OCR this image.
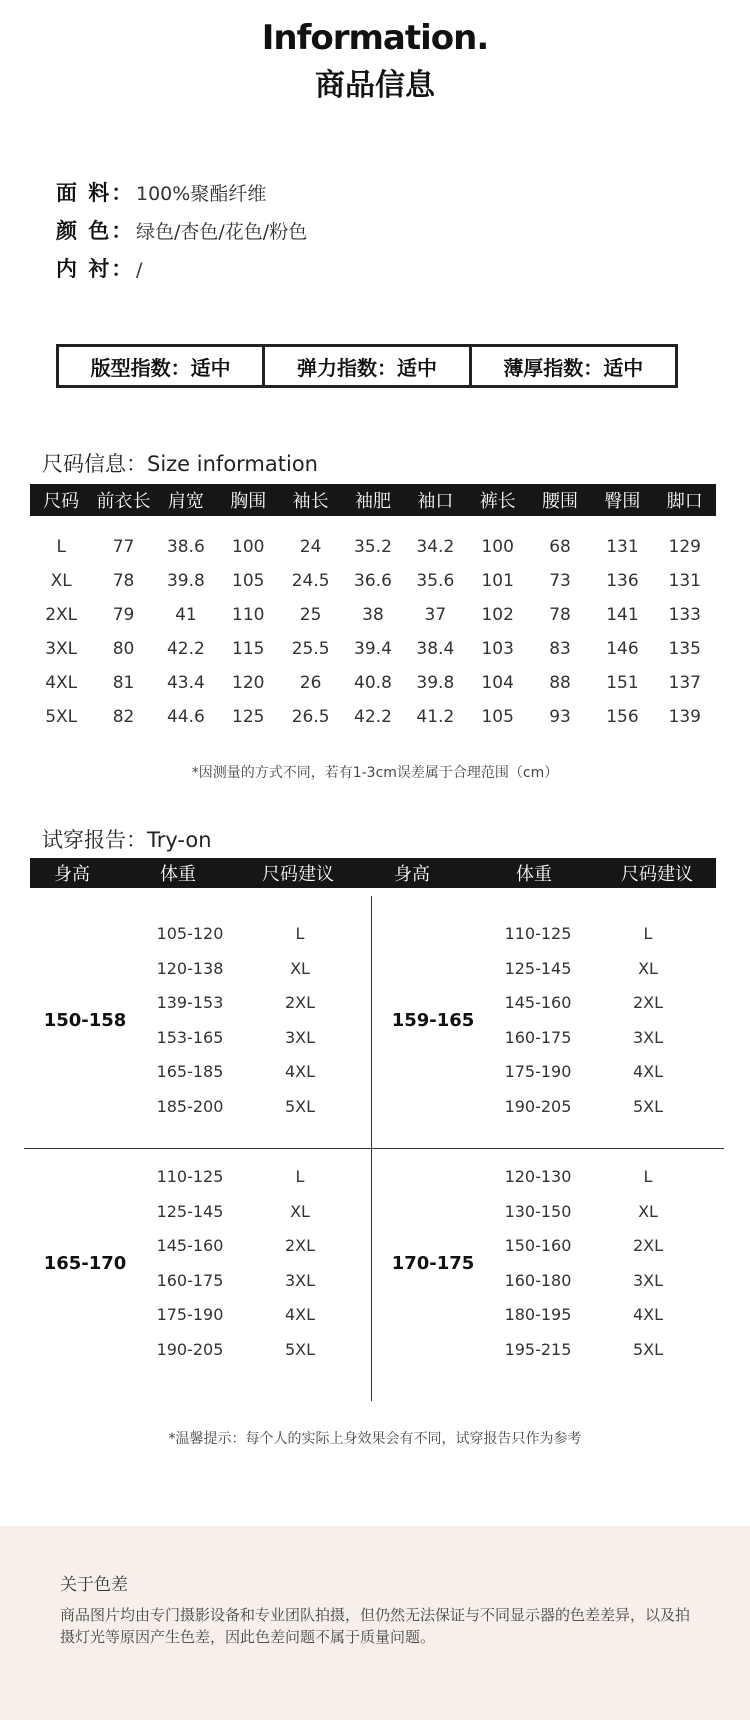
Information.
商品信息
面 料：100%聚酯纤维
颜 色：绿色/杏色/花色/粉色
内 衬：/
版型指数： 适中	弹力指数： 适中	薄厚指数： 适中
尺码信息：Size information
尺码 前衣长 肩宽	胸围	袖长	袖肥	袖口	裤长	腰围	臀围	脚口
L	77	38.6	100	24	35.2	34.2	100	68	131	129
XL	78	39.8	105	24.5	36.6	35.6	101	73	136	131
2XL	79	41	110	25	38	37	102	78	141	133
3XL	80	42.2	115	25.5	39.4	38.4	103	83	146	135
4XL	81	43.4	120	26	40.8	39.8	104	88	151	137
5XL	82	44.6	125	26.5	42.2	41.2	105	93	156	139
*因测量的方式不同，若有1-3cm误差属于合理范围（cm）
试穿报告：Try-on
身高	体重	尺码建议	身高	体重	尺码建议
150-158
105-120	L
120-138	XL
139-153	2XL
153-165	3XL
165-185	4XL
185-200	5XL
159-165
110-125	L
125-145	XL
145-160	2XL
160-175	3XL
175-190	4XL
190-205	5XL
165-170
110-125	L
125-145	XL
145-160	2XL
160-175	3XL
175-190	4XL
190-205	5XL
170-175
120-130	L
130-150	XL
150-160	2XL
160-180	3XL
180-195	4XL
195-215	5XL
*温馨提示：每个人的实际上身效果会有不同，试穿报告只作为参考
关于色差
商品图片均由专门摄影设备和专业团队拍摄，但仍然无法保证与不同显示器的色差差异，以及拍摄灯光等原因产生色差，因此色差问题不属于质量问题。
